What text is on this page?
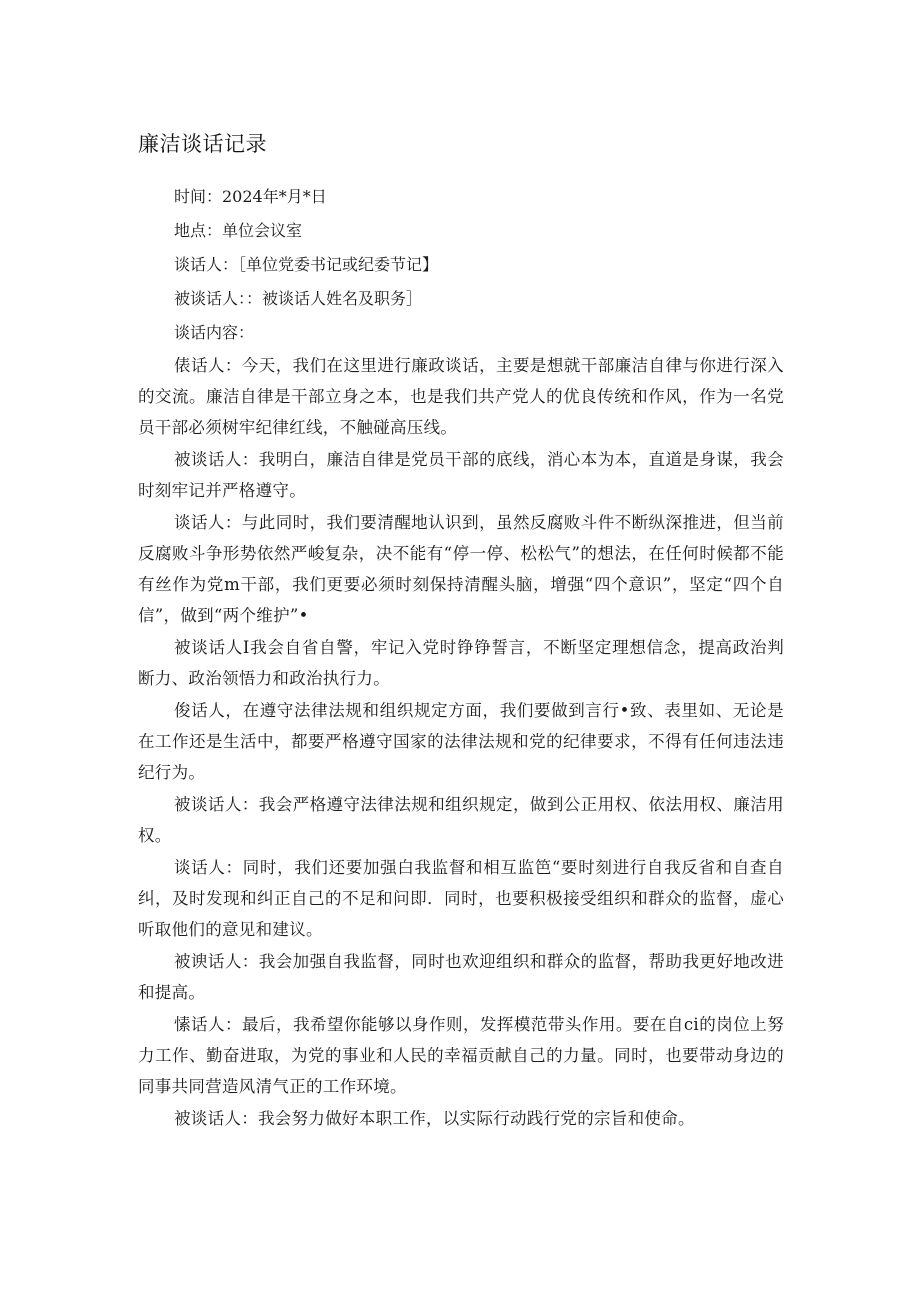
廉洁谈话记录
时间：2024年*月*日
地点：单位会议室
谈话人：［单位党委书记或纪委节记】
被谈话人：：被谈话人姓名及职务］
谈话内容：

俵话人：今天，我们在这里进行廉政谈话，主要是想就干部廉洁自律与你进行深入的交流。廉洁自律是干部立身之本，也是我们共产党人的优良传统和作风，作为一名党员干部必须树牢纪律红线，不触碰高压线。

被谈话人：我明白，廉洁自律是党员干部的底线，消心本为本，直道是身谋，我会时刻牢记并严格遵守。

谈话人：与此同时，我们要清醒地认识到，虽然反腐败斗件不断纵深推进，但当前反腐败斗争形势依然严峻复杂，决不能有“停一停、松松气”的想法，在任何时候都不能有丝作为党m干部，我们更要必须时刻保持清醒头脑，增强“四个意识”，坚定“四个自信”，做到“两个维护”•

被谈话人I我会自省自警，牢记入党时铮铮誓言，不断坚定理想信念，提高政治判断力、政治领悟力和政治执行力。

俊话人，在遵守法律法规和组织规定方面，我们要做到言行•致、表里如、无论是在工作还是生活中，都要严格遵守国家的法律法规和党的纪律要求，不得有任何违法违纪行为。

被谈话人：我会严格遵守法律法规和组织规定，做到公正用权、依法用权、廉洁用权。

谈话人：同时，我们还要加强白我监督和相互监笆“要时刻进行自我反省和自查自纠，及时发现和纠正自己的不足和问即．同时，也要积极接受组织和群众的监督，虚心听取他们的意见和建议。

被谀话人：我会加强自我监督，同时也欢迎组织和群众的监督，帮助我更好地改进和提高。

愫话人：最后，我希望你能够以身作则，发挥模范带头作用。要在自ci的岗位上努力工作、勤奋进取，为党的事业和人民的幸福贡献自己的力量。同时，也要带动身边的同事共同营造风清气正的工作环境。

被谈话人：我会努力做好本职工作，以实际行动践行党的宗旨和使命。
